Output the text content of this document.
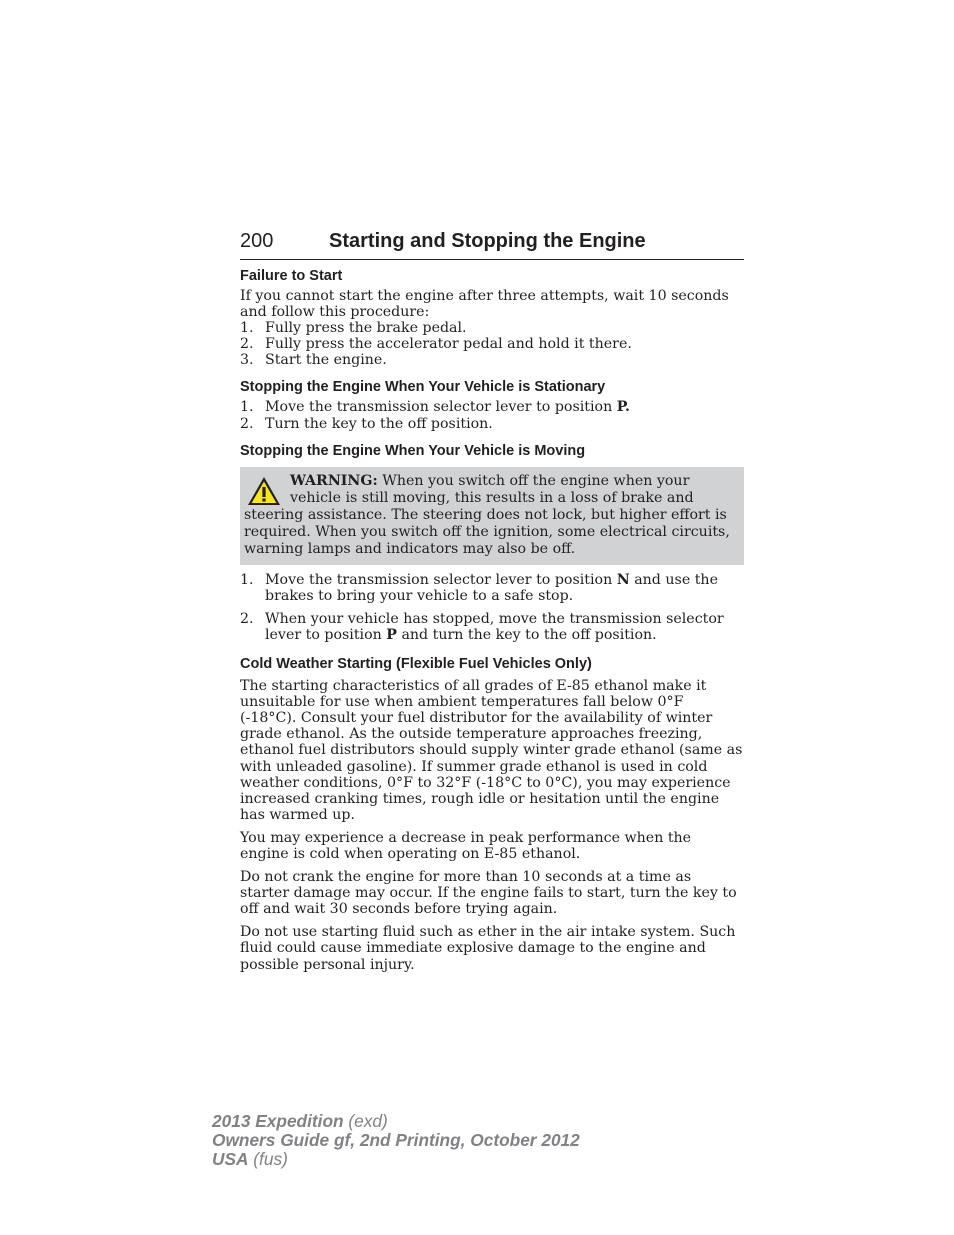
200	Starting and Stopping the Engine
Failure to Start

If you cannot start the engine after three attempts, wait 10 seconds and follow this procedure:

1. Fully press the brake pedal.
2. Fully press the accelerator pedal and hold it there.
3. Start the engine.
Stopping the Engine When Your Vehicle is Stationary
1. Move the transmission selector lever to position P.
2. Turn the key to the off position.
Stopping the Engine When Your Vehicle is Moving
WARNING: When you switch off the engine when your vehicle is still moving, this results in a loss of brake and steering assistance. The steering does not lock, but higher effort is required. When you switch off the ignition, some electrical circuits, warning lamps and indicators may also be off.
1. Move the transmission selector lever to position N and use the brakes to bring your vehicle to a safe stop.
2. When your vehicle has stopped, move the transmission selector lever to position P and turn the key to the off position.
Cold Weather Starting (Flexible Fuel Vehicles Only)

The starting characteristics of all grades of E-85 ethanol make it unsuitable for use when ambient temperatures fall below 0°F (-18°C). Consult your fuel distributor for the availability of winter grade ethanol. As the outside temperature approaches freezing, ethanol fuel distributors should supply winter grade ethanol (same as with unleaded gasoline). If summer grade ethanol is used in cold weather conditions, 0°F to 32°F (-18°C to 0°C), you may experience increased cranking times, rough idle or hesitation until the engine has warmed up.

You may experience a decrease in peak performance when the engine is cold when operating on E-85 ethanol.

Do not crank the engine for more than 10 seconds at a time as starter damage may occur. If the engine fails to start, turn the key to off and wait 30 seconds before trying again.

Do not use starting fluid such as ether in the air intake system. Such fluid could cause immediate explosive damage to the engine and possible personal injury.

2013 Expedition (exd)
Owners Guide gf, 2nd Printing, October 2012
USA (fus)
